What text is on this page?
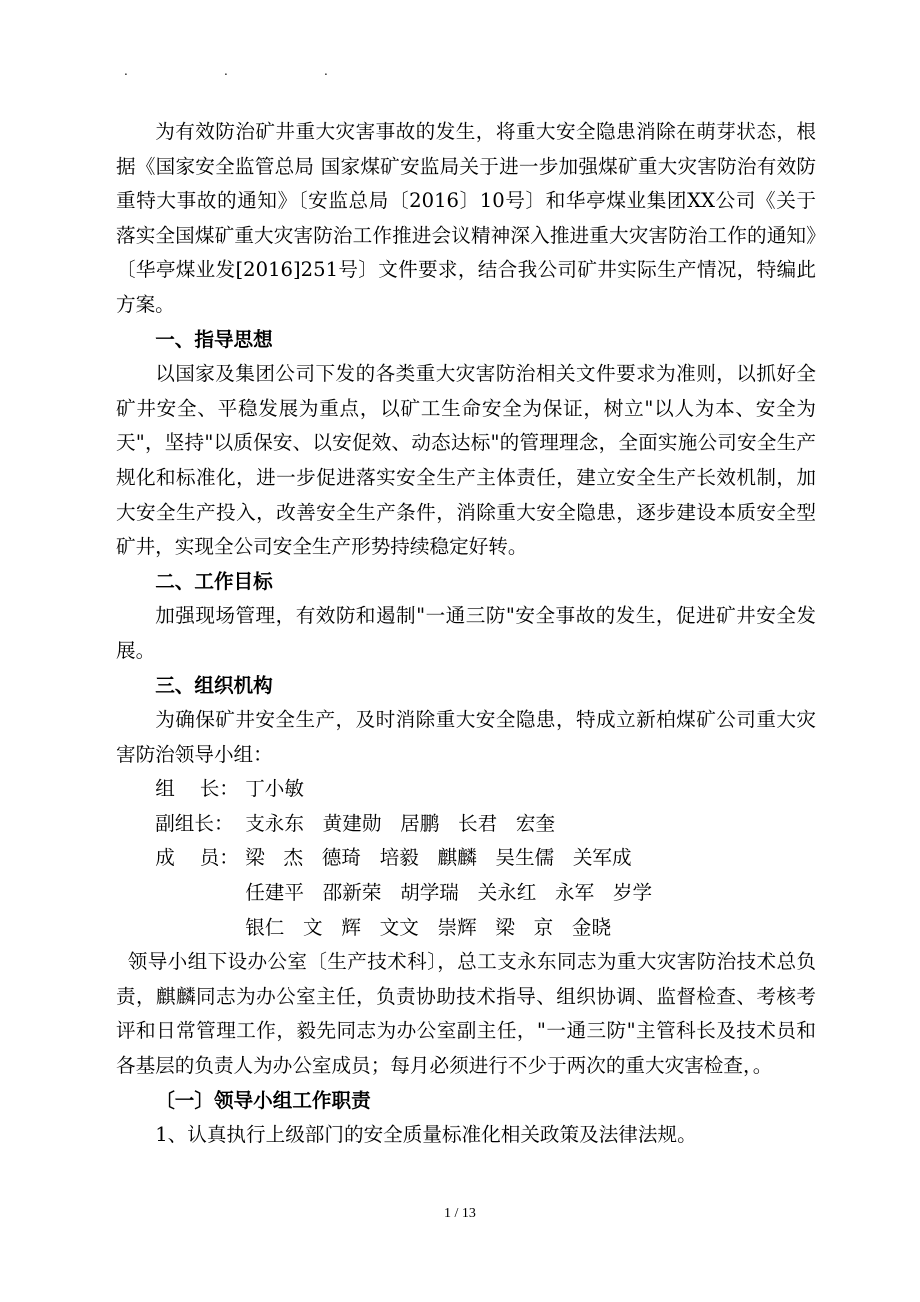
.	.	.

为有效防治矿井重大灾害事故的发生，将重大安全隐患消除在萌芽状态，根据《国家安全监管总局 国家煤矿安监局关于进一步加强煤矿重大灾害防治有效防重特大事故的通知》〔安监总局〔2016〕10号〕和华亭煤业集团XX公司《关于落实全国煤矿重大灾害防治工作推进会议精神深入推进重大灾害防治工作的通知》〔华亭煤业发[2016]251号〕文件要求，结合我公司矿井实际生产情况，特编此方案。

一、指导思想

以国家及集团公司下发的各类重大灾害防治相关文件要求为准则，以抓好全矿井安全、平稳发展为重点，以矿工生命安全为保证，树立"以人为本、安全为天"，坚持"以质保安、以安促效、动态达标"的管理理念，全面实施公司安全生产规化和标准化，进一步促进落实安全生产主体责任，建立安全生产长效机制，加大安全生产投入，改善安全生产条件，消除重大安全隐患，逐步建设本质安全型矿井，实现全公司安全生产形势持续稳定好转。

二、工作目标

加强现场管理，有效防和遏制"一通三防"安全事故的发生，促进矿井安全发展。

三、组织机构

为确保矿井安全生产，及时消除重大安全隐患，特成立新柏煤矿公司重大灾害防治领导小组：

组    长： 丁小敏

副组长： 支永东   黄建勋   居鹏   长君   宏奎

成    员： 梁   杰   德琦   培毅   麒麟   吴生儒   关军成

任建平   邵新荣   胡学瑞   关永红   永军   岁学

银仁   文   辉   文文   崇辉   梁   京   金晓

领导小组下设办公室〔生产技术科〕，总工支永东同志为重大灾害防治技术总负责，麒麟同志为办公室主任，负责协助技术指导、组织协调、监督检查、考核考评和日常管理工作，毅先同志为办公室副主任，"一通三防"主管科长及技术员和各基层的负责人为办公室成员；每月必须进行不少于两次的重大灾害检查，。

〔一〕领导小组工作职责

1、认真执行上级部门的安全质量标准化相关政策及法律法规。

1 / 13
